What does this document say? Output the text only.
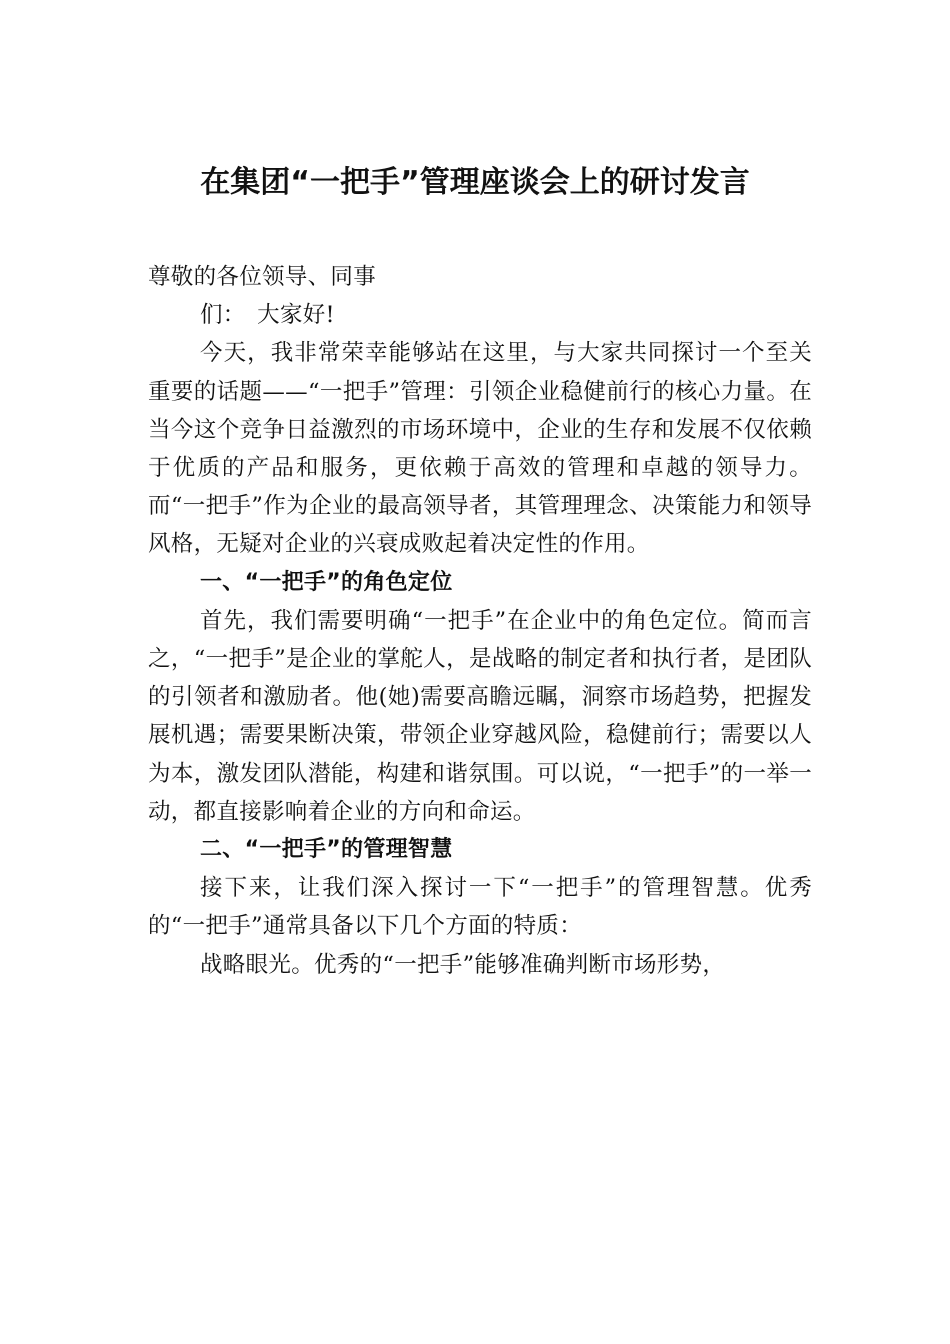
在集团“一把手”管理座谈会上的研讨发言

尊敬的各位领导、同事

们：　大家好!

今天，我非常荣幸能够站在这里，与大家共同探讨一个至关重要的话题——“一把手”管理：引领企业稳健前行的核心力量。在当今这个竞争日益激烈的市场环境中，企业的生存和发展不仅依赖于优质的产品和服务，更依赖于高效的管理和卓越的领导力。而“一把手”作为企业的最高领导者，其管理理念、决策能力和领导风格，无疑对企业的兴衰成败起着决定性的作用。

一、“一把手”的角色定位

首先，我们需要明确“一把手”在企业中的角色定位。简而言之，“一把手”是企业的掌舵人，是战略的制定者和执行者，是团队的引领者和激励者。他(她)需要高瞻远瞩，洞察市场趋势，把握发展机遇；需要果断决策，带领企业穿越风险，稳健前行；需要以人为本，激发团队潜能，构建和谐氛围。可以说，“一把手”的一举一动，都直接影响着企业的方向和命运。

二、“一把手”的管理智慧

接下来，让我们深入探讨一下“一把手”的管理智慧。优秀的“一把手”通常具备以下几个方面的特质：

战略眼光。优秀的“一把手”能够准确判断市场形势，
